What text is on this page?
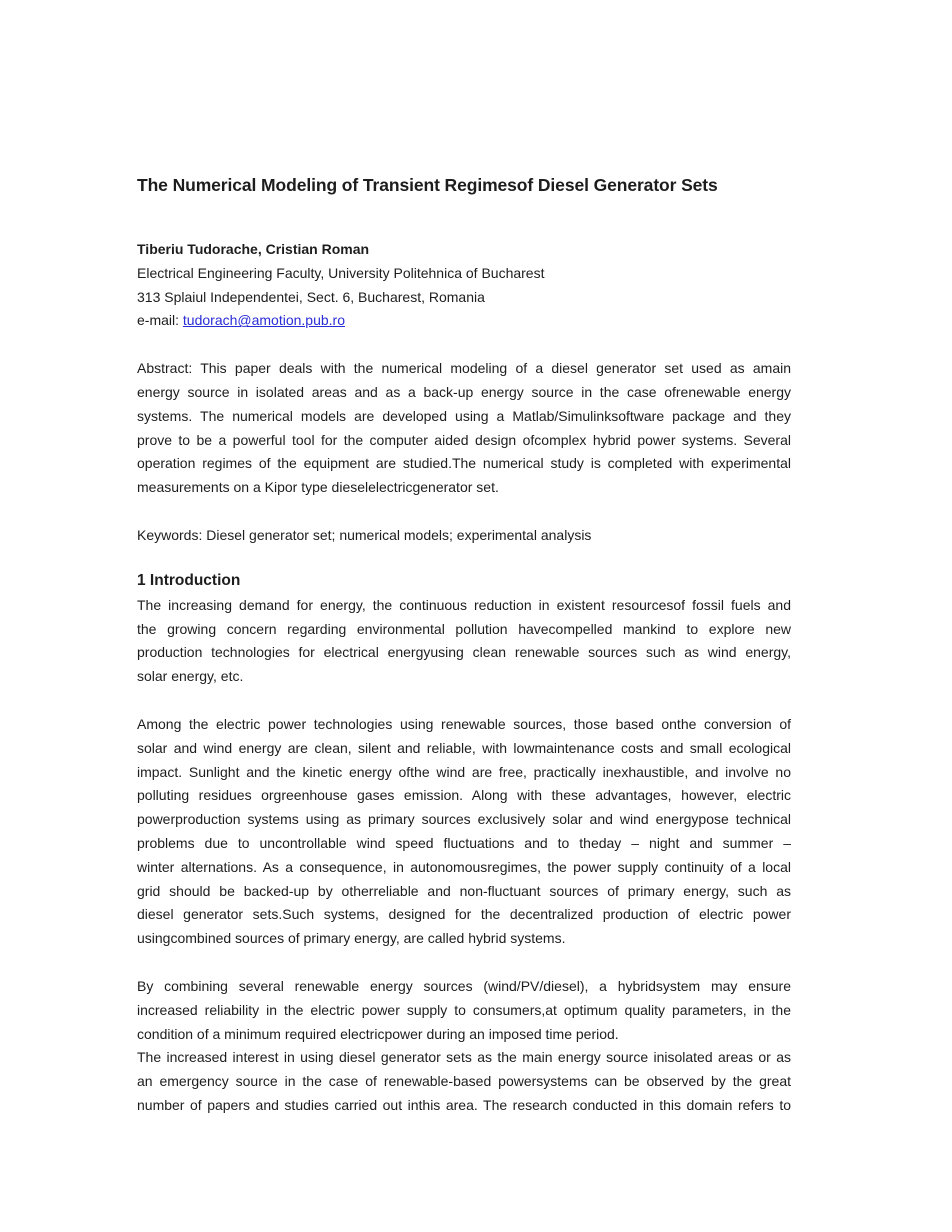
The Numerical Modeling of Transient Regimesof Diesel Generator Sets
Tiberiu Tudorache, Cristian Roman
Electrical Engineering Faculty, University Politehnica of Bucharest
313 Splaiul Independentei, Sect. 6, Bucharest, Romania
e-mail: tudorach@amotion.pub.ro
Abstract: This paper deals with the numerical modeling of a diesel generator set used as amain
energy source in isolated areas and as a back-up energy source in the case ofrenewable energy
systems. The numerical models are developed using a Matlab/Simulinksoftware package and they
prove to be a powerful tool for the computer aided design ofcomplex hybrid power systems. Several
operation regimes of the equipment are studied.The numerical study is completed with experimental
measurements on a Kipor type dieselelectricgenerator set.
Keywords: Diesel generator set; numerical models; experimental analysis
1 Introduction
The increasing demand for energy, the continuous reduction in existent resourcesof fossil fuels and
the growing concern regarding environmental pollution havecompelled mankind to explore new
production technologies for electrical energyusing clean renewable sources such as wind energy,
solar energy, etc.
Among the electric power technologies using renewable sources, those based onthe conversion of
solar and wind energy are clean, silent and reliable, with lowmaintenance costs and small ecological
impact. Sunlight and the kinetic energy ofthe wind are free, practically inexhaustible, and involve no
polluting residues orgreenhouse gases emission. Along with these advantages, however, electric
powerproduction systems using as primary sources exclusively solar and wind energypose technical
problems due to uncontrollable wind speed fluctuations and to theday – night and summer –
winter alternations. As a consequence, in autonomousregimes, the power supply continuity of a local
grid should be backed-up by otherreliable and non-fluctuant sources of primary energy, such as
diesel generator sets.Such systems, designed for the decentralized production of electric power
usingcombined sources of primary energy, are called hybrid systems.
By combining several renewable energy sources (wind/PV/diesel), a hybridsystem may ensure
increased reliability in the electric power supply to consumers,at optimum quality parameters, in the
condition of a minimum required electricpower during an imposed time period.
The increased interest in using diesel generator sets as the main energy source inisolated areas or as
an emergency source in the case of renewable-based powersystems can be observed by the great
number of papers and studies carried out inthis area. The research conducted in this domain refers to
